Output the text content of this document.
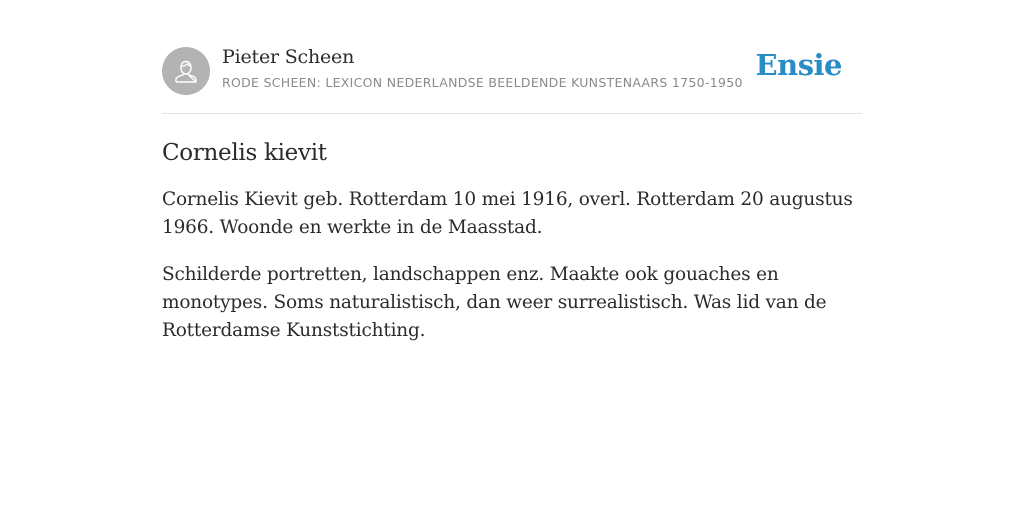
Pieter Scheen
RODE SCHEEN: LEXICON NEDERLANDSE BEELDENDE KUNSTENAARS 1750-1950
Ensie
Cornelis kievit

Cornelis Kievit geb. Rotterdam 10 mei 1916, overl. Rotterdam 20 augustus 1966. Woonde en werkte in de Maasstad.

Schilderde portretten, landschappen enz. Maakte ook gouaches en monotypes. Soms naturalistisch, dan weer surrealistisch. Was lid van de Rotterdamse Kunststichting.
